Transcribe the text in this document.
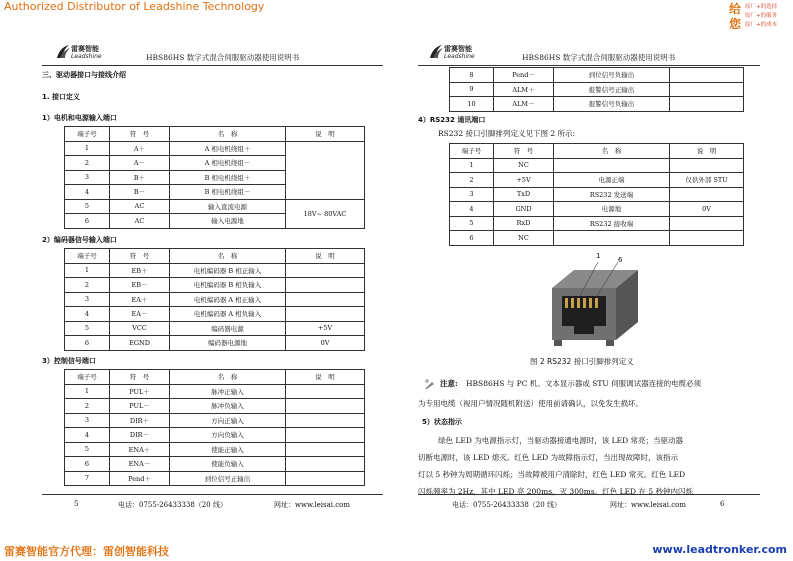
Authorized Distributor of Leadshine Technology	给
您
原厂+的选择
原厂+的服务
原厂+的成本
雷赛智能
Leadshine	HBS86HS 数字式混合伺服驱动器使用说明书
三、驱动器接口与接线介绍
1. 接口定义
1）电机和电源输入端口
端子号	符　号	名　称	说　明
1	A＋	A 相电机绕组＋	
2	A－	A 相电机绕组－	
3	B＋	B 相电机绕组＋	
4	B－	B 相电机绕组－	
5	AC	输入直流电源	18V~ 80VAC
6	AC	输入电源地	
2）编码器信号输入端口
端子号	符　号	名　称	说　明
1	EB＋	电机编码器 B 相正输入	
2	EB－	电机编码器 B 相负输入	
3	EA＋	电机编码器 A 相正输入	
4	EA－	电机编码器 A 相负输入	
5	VCC	编码器电源	+5V
6	EGND	编码器电源地	0V
3）控制信号端口
端子号	符　号	名　称	说　明
1	PUL＋	脉冲正输入	
2	PUL－	脉冲负输入	
3	DIR＋	方向正输入	
4	DIR－	方向负输入	
5	ENA＋	使能正输入	
6	ENA－	使能负输入	
7	Pend＋	到位信号正输出	
5	电话：0755-26433338（20 线）	网址：www.leisai.com
雷赛智能
Leadshine	HBS86HS 数字式混合伺服驱动器使用说明书
8	Pend－	到位信号负输出	
9	ALM＋	报警信号正输出	
10	ALM－	报警信号负输出	
4）RS232 通讯端口
RS232 接口引脚排列定义见下图 2 所示:
端子号	符　号	名　称	说　明
1	NC		
2	+5V	电源正端	仅供外部 STU
3	TxD	RS232 发送端	
4	GND	电源地	0V
5	RxD	RS232 接收端	
6	NC		
1	6
图 2 RS232 接口引脚排列定义
注意: HBS86HS 与 PC 机、文本显示器或 STU 伺服调试器连接的电缆必须
为专用电缆（视用户情况随机附送）使用前请确认，以免发生损坏。
5）状态指示
绿色 LED 为电源指示灯，当驱动器接通电源时，该 LED 常亮；当驱动器
切断电源时，该 LED 熄灭。红色 LED 为故障指示灯，当出现故障时，该指示
灯以 5 秒钟为周期循环闪烁；当故障被用户清除时，红色 LED 常灭。红色 LED
闪烁频率为 2Hz，其中 LED 亮 200ms，灭 300ms。红色 LED 在 5 秒钟内闪烁
电话：0755-26433338（20 线）	网址：www.leisai.com	6
雷赛智能官方代理：雷创智能科技	www.leadtronker.com
